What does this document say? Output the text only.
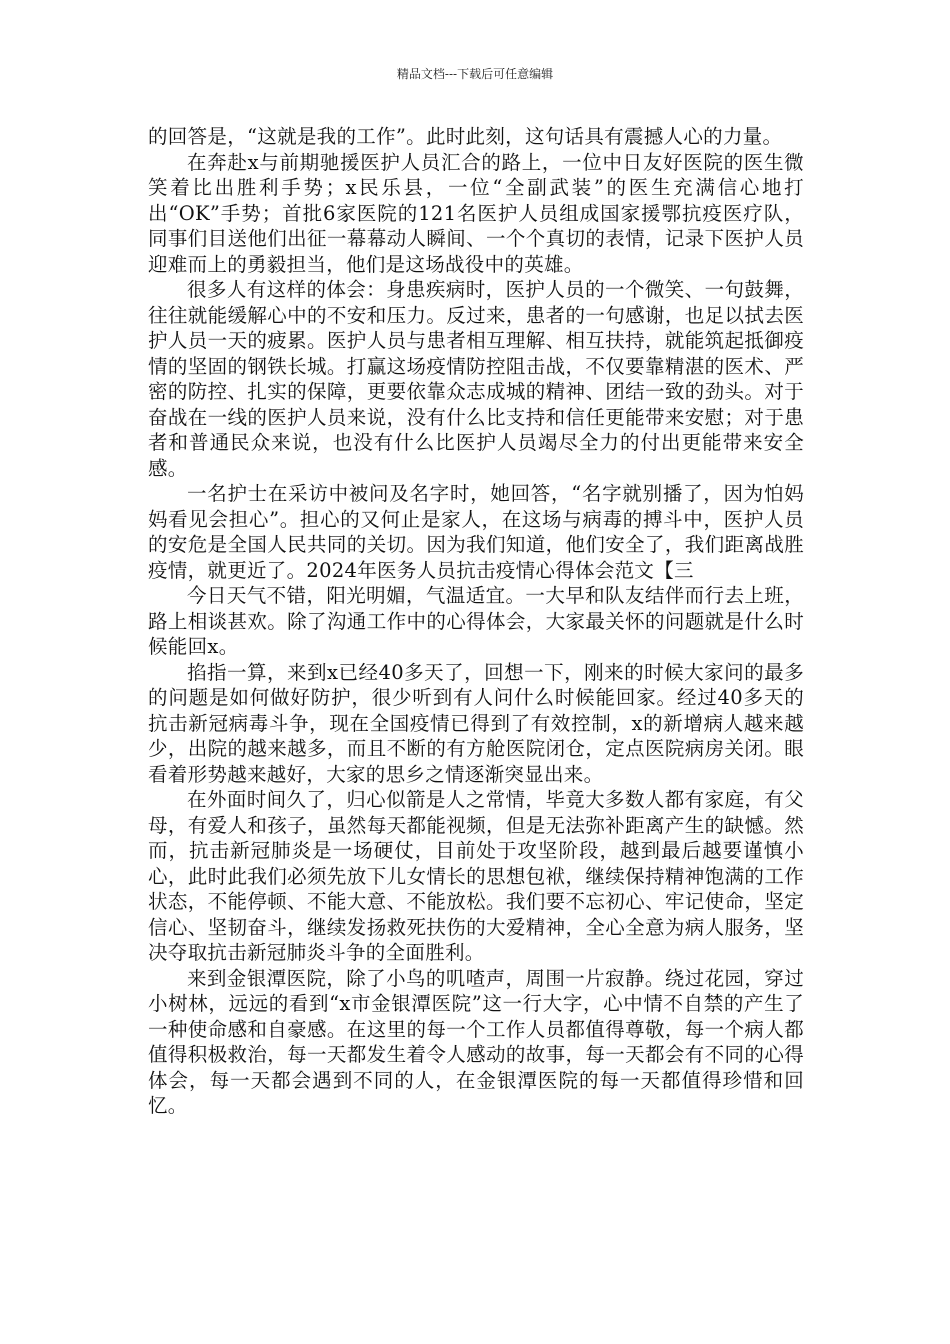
精品文档---下载后可任意编辑

的回答是，“这就是我的工作”。此时此刻，这句话具有震撼人心的力量。

在奔赴x与前期驰援医护人员汇合的路上，一位中日友好医院的医生微笑着比出胜利手势；x民乐县，一位“全副武装”的医生充满信心地打出“OK”手势；首批6家医院的121名医护人员组成国家援鄂抗疫医疗队，同事们目送他们出征一幕幕动人瞬间、一个个真切的表情，记录下医护人员迎难而上的勇毅担当，他们是这场战役中的英雄。

很多人有这样的体会：身患疾病时，医护人员的一个微笑、一句鼓舞，往往就能缓解心中的不安和压力。反过来，患者的一句感谢，也足以拭去医护人员一天的疲累。医护人员与患者相互理解、相互扶持，就能筑起抵御疫情的坚固的钢铁长城。打赢这场疫情防控阻击战，不仅要靠精湛的医术、严密的防控、扎实的保障，更要依靠众志成城的精神、团结一致的劲头。对于奋战在一线的医护人员来说，没有什么比支持和信任更能带来安慰；对于患者和普通民众来说，也没有什么比医护人员竭尽全力的付出更能带来安全感。

一名护士在采访中被问及名字时，她回答，“名字就别播了，因为怕妈妈看见会担心”。担心的又何止是家人，在这场与病毒的搏斗中，医护人员的安危是全国人民共同的关切。因为我们知道，他们安全了，我们距离战胜疫情，就更近了。2024年医务人员抗击疫情心得体会范文【三

今日天气不错，阳光明媚，气温适宜。一大早和队友结伴而行去上班，路上相谈甚欢。除了沟通工作中的心得体会，大家最关怀的问题就是什么时候能回x。

掐指一算，来到x已经40多天了，回想一下，刚来的时候大家问的最多的问题是如何做好防护，很少听到有人问什么时候能回家。经过40多天的抗击新冠病毒斗争，现在全国疫情已得到了有效控制，x的新增病人越来越少，出院的越来越多，而且不断的有方舱医院闭仓，定点医院病房关闭。眼看着形势越来越好，大家的思乡之情逐渐突显出来。

在外面时间久了，归心似箭是人之常情，毕竟大多数人都有家庭，有父母，有爱人和孩子，虽然每天都能视频，但是无法弥补距离产生的缺憾。然而，抗击新冠肺炎是一场硬仗，目前处于攻坚阶段，越到最后越要谨慎小心，此时此我们必须先放下儿女情长的思想包袱，继续保持精神饱满的工作状态，不能停顿、不能大意、不能放松。我们要不忘初心、牢记使命，坚定信心、坚韧奋斗，继续发扬救死扶伤的大爱精神，全心全意为病人服务，坚决夺取抗击新冠肺炎斗争的全面胜利。

来到金银潭医院，除了小鸟的叽喳声，周围一片寂静。绕过花园，穿过小树林，远远的看到“x市金银潭医院”这一行大字，心中情不自禁的产生了一种使命感和自豪感。在这里的每一个工作人员都值得尊敬，每一个病人都值得积极救治，每一天都发生着令人感动的故事，每一天都会有不同的心得体会，每一天都会遇到不同的人，在金银潭医院的每一天都值得珍惜和回忆。
